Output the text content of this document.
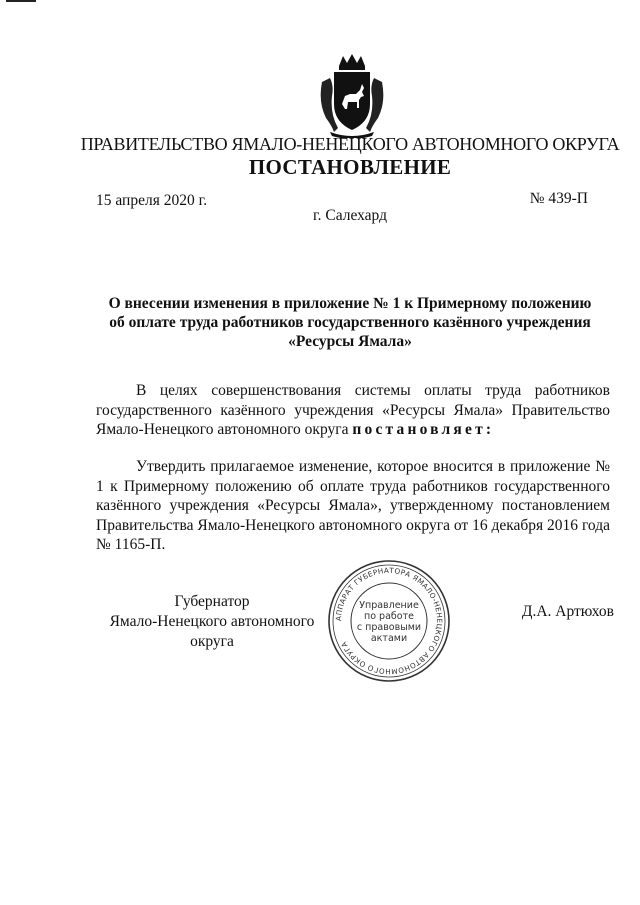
ПРАВИТЕЛЬСТВО ЯМАЛО-НЕНЕЦКОГО АВТОНОМНОГО ОКРУГА
ПОСТАНОВЛЕНИЕ
15 апреля 2020 г.	№ 439-П
г. Салехард
О внесении изменения в приложение № 1 к Примерному положению
об оплате труда работников государственного казённого учреждения
«Ресурсы Ямала»
В целях совершенствования системы оплаты труда работников государственного казённого учреждения «Ресурсы Ямала» Правительство Ямало-Ненецкого автономного округа постановляет:
Утвердить прилагаемое изменение, которое вносится в приложение № 1 к Примерному положению об оплате труда работников государственного казённого учреждения «Ресурсы Ямала», утвержденному постановлением Правительства Ямало-Ненецкого автономного округа от 16 декабря 2016 года № 1165-П.
Губернатор
Ямало-Ненецкого автономного округа
АППАРАТ ГУБЕРНАТОРА ЯМАЛО-НЕНЕЦКОГО АВТОНОМНОГО ОКРУГА
Управление
по работе
с правовыми
актами
Д.А. Артюхов
